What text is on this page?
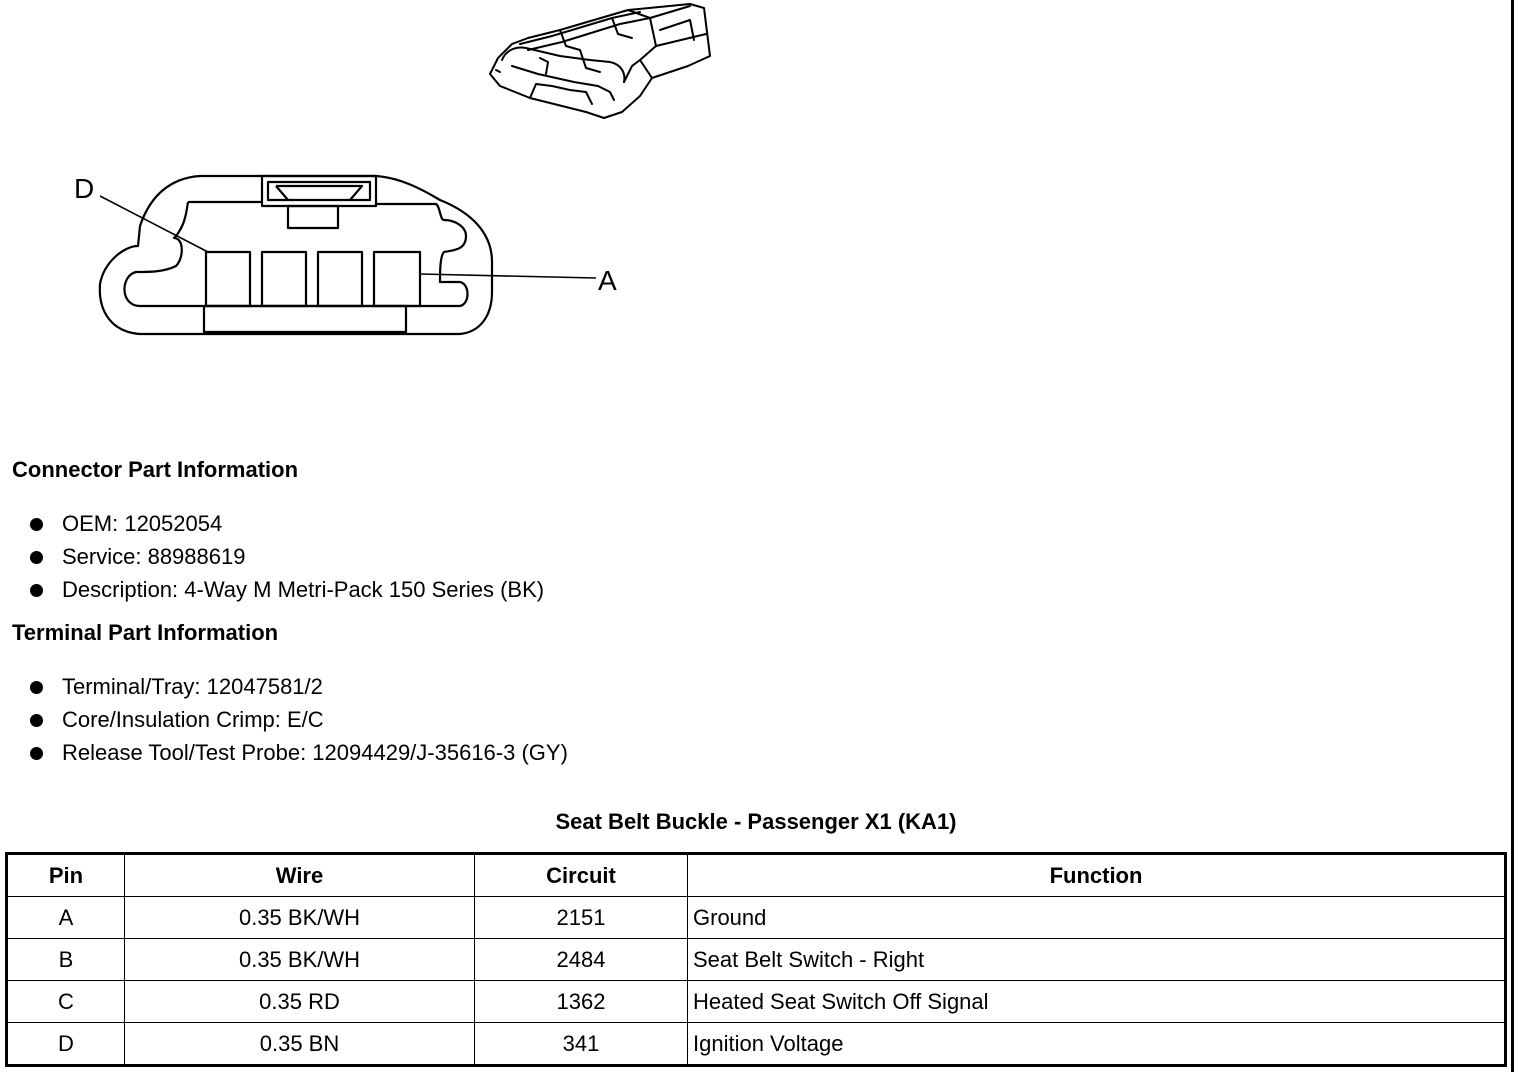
D
A
Connector Part Information
OEM: 12052054
Service: 88988619
Description: 4-Way M Metri-Pack 150 Series (BK)
Terminal Part Information
Terminal/Tray: 12047581/2
Core/Insulation Crimp: E/C
Release Tool/Test Probe: 12094429/J-35616-3 (GY)
Seat Belt Buckle - Passenger X1 (KA1)
Pin	Wire	Circuit	Function
A	0.35 BK/WH	2151	Ground
B	0.35 BK/WH	2484	Seat Belt Switch - Right
C	0.35 RD	1362	Heated Seat Switch Off Signal
D	0.35 BN	341	Ignition Voltage
